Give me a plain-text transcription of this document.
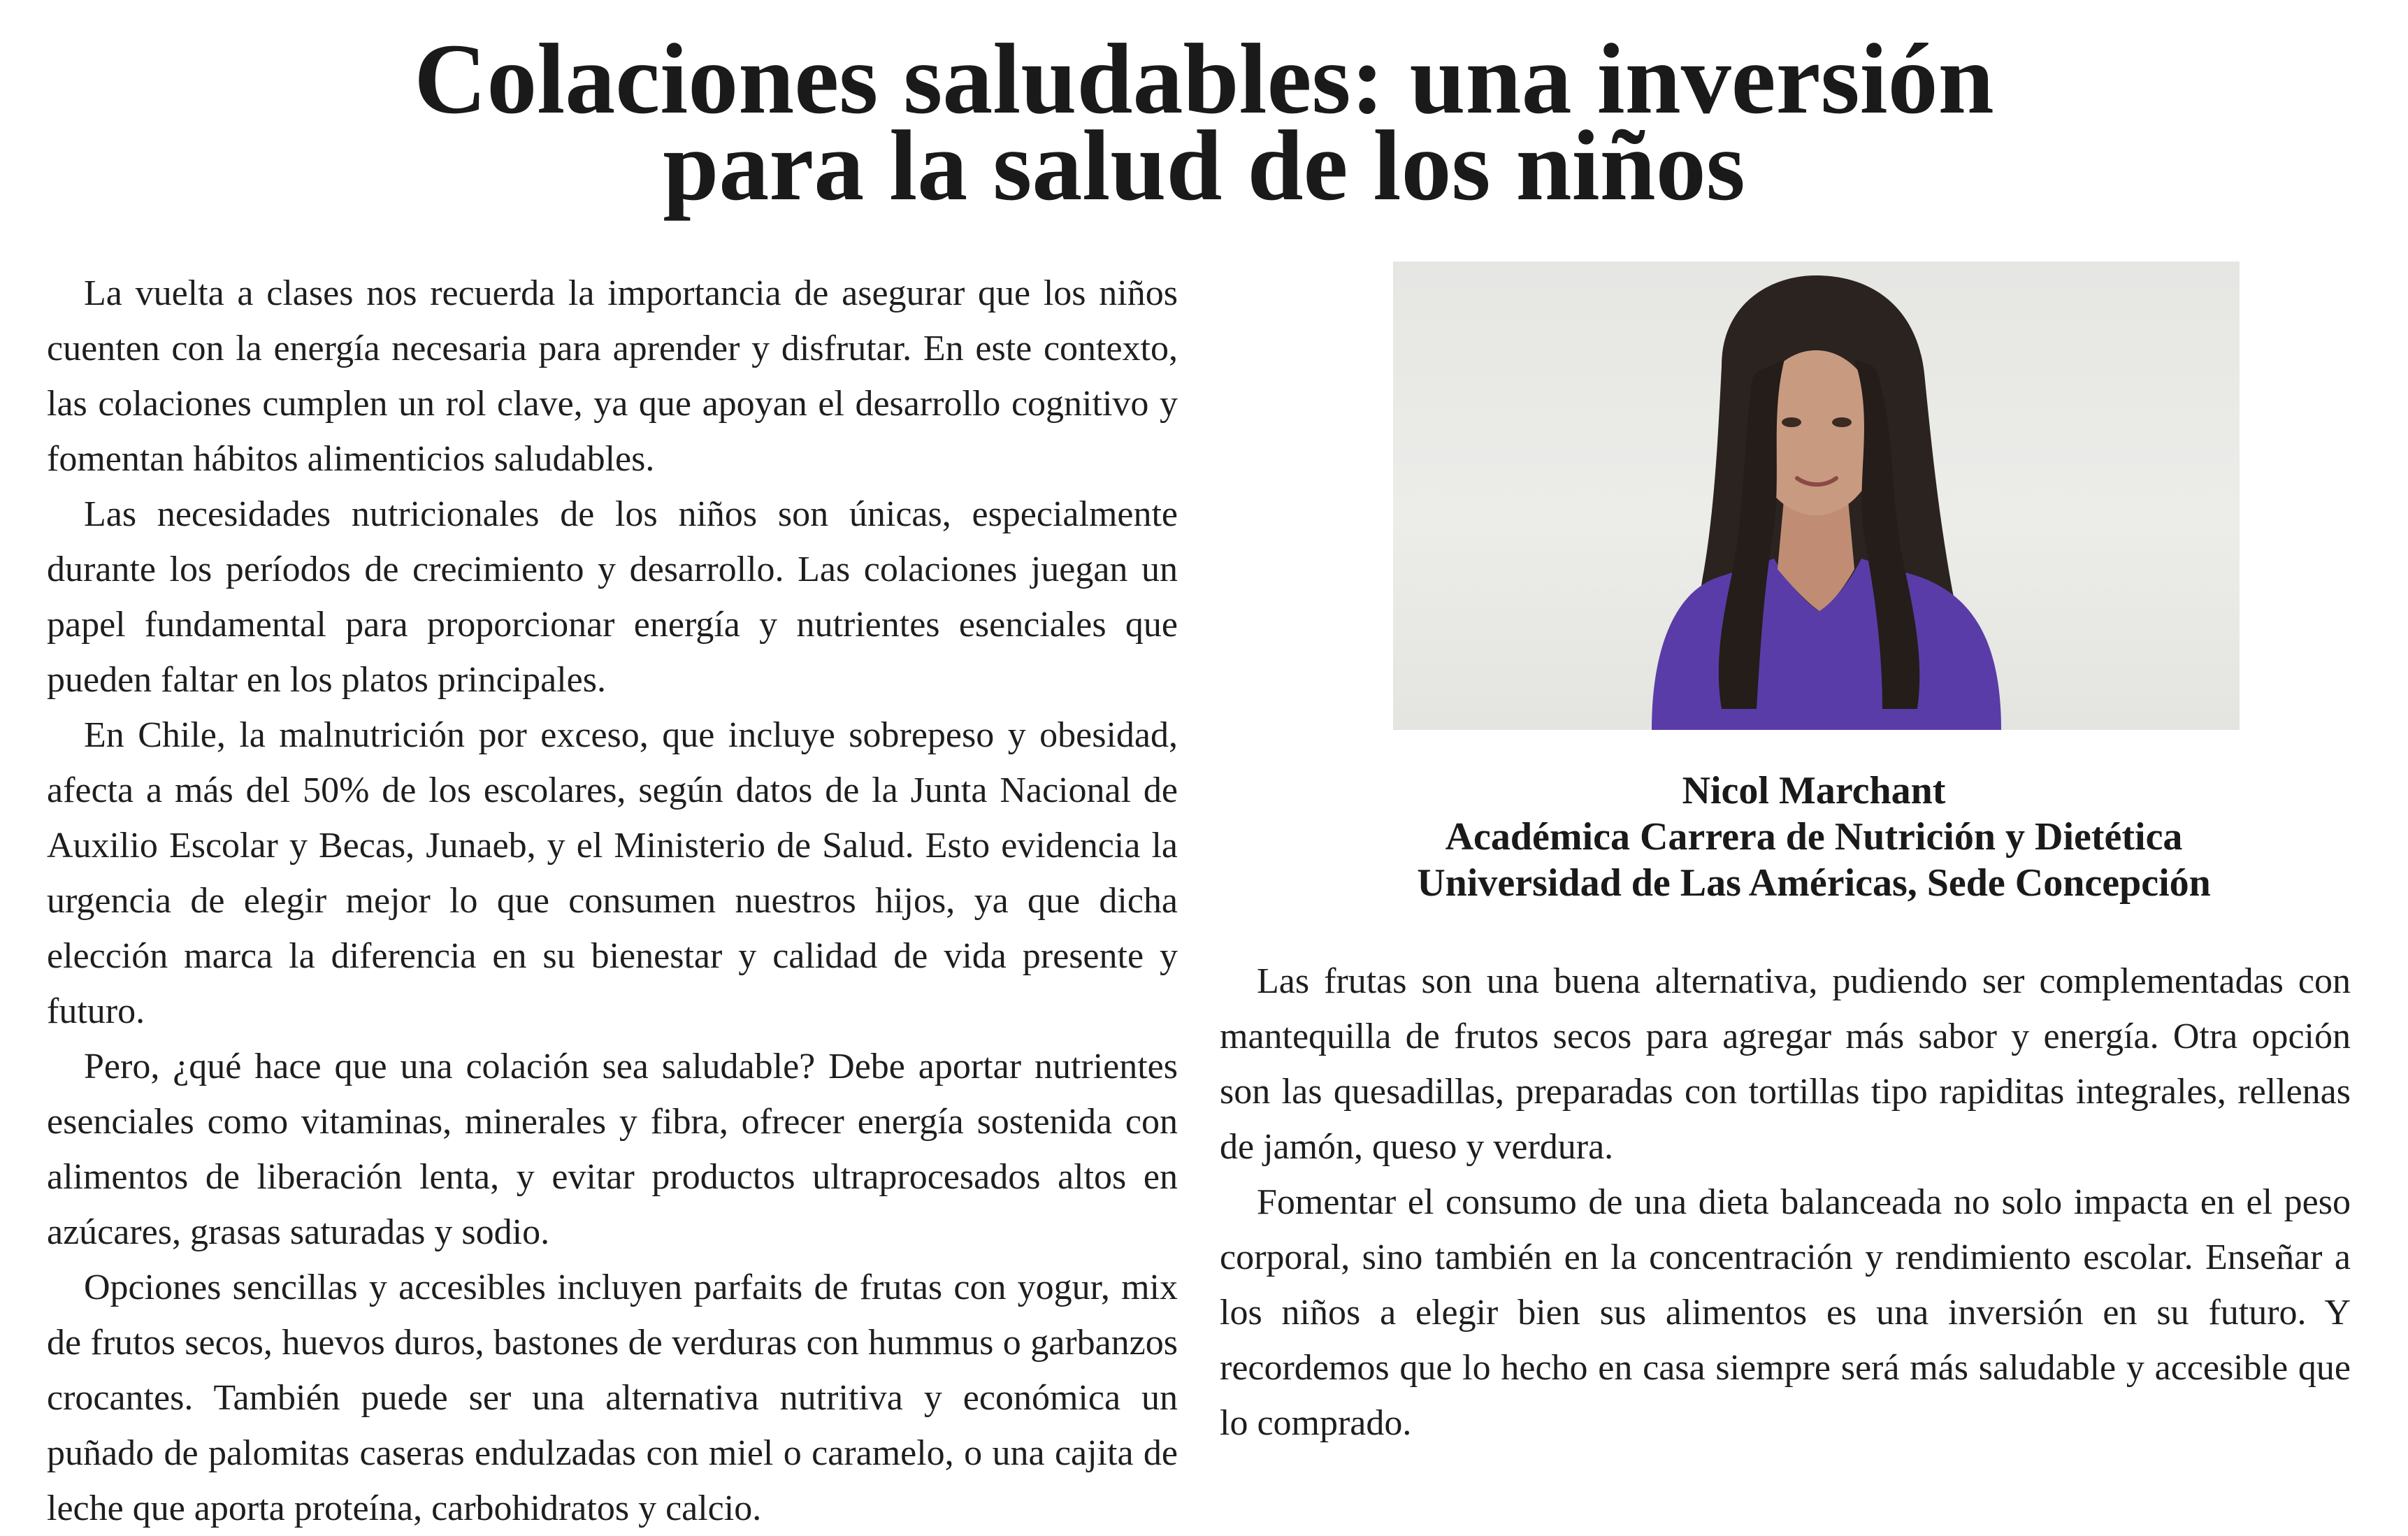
Colaciones saludables: una inversión
para la salud de los niños

La vuelta a clases nos recuerda la importancia de asegurar que los niños cuenten con la energía necesaria para aprender y disfrutar. En este contexto, las colaciones cumplen un rol clave, ya que apoyan el desarrollo cognitivo y fomentan hábitos alimenticios saludables.

Las necesidades nutricionales de los niños son únicas, especialmente durante los períodos de crecimiento y desarrollo. Las colaciones juegan un papel fundamental para proporcionar energía y nutrientes esenciales que pueden faltar en los platos principales.

En Chile, la malnutrición por exceso, que incluye sobrepeso y obesidad, afecta a más del 50% de los escolares, según datos de la Junta Nacional de Auxilio Escolar y Becas, Junaeb, y el Ministerio de Salud. Esto evidencia la urgencia de elegir mejor lo que consumen nuestros hijos, ya que dicha elección marca la diferencia en su bienestar y calidad de vida presente y futuro.

Pero, ¿qué hace que una colación sea saludable? Debe aportar nutrientes esenciales como vitaminas, minerales y fibra, ofrecer energía sostenida con alimentos de liberación lenta, y evitar productos ultraprocesados altos en azúcares, grasas saturadas y sodio.

Opciones sencillas y accesibles incluyen parfaits de frutas con yogur, mix de frutos secos, huevos duros, bastones de verduras con hummus o garbanzos crocantes. También puede ser una alternativa nutritiva y económica un puñado de palomitas caseras endulzadas con miel o caramelo, o una cajita de leche que aporta proteína, carbohidratos y calcio.

Nicol Marchant
Académica Carrera de Nutrición y Dietética
Universidad de Las Américas, Sede Concepción

Las frutas son una buena alternativa, pudiendo ser complementadas con mantequilla de frutos secos para agregar más sabor y energía. Otra opción son las quesadillas, preparadas con tortillas tipo rapiditas integrales, rellenas de jamón, queso y verdura.

Fomentar el consumo de una dieta balanceada no solo impacta en el peso corporal, sino también en la concentración y rendimiento escolar. Enseñar a los niños a elegir bien sus alimentos es una inversión en su futuro. Y recordemos que lo hecho en casa siempre será más saludable y accesible que lo comprado.
